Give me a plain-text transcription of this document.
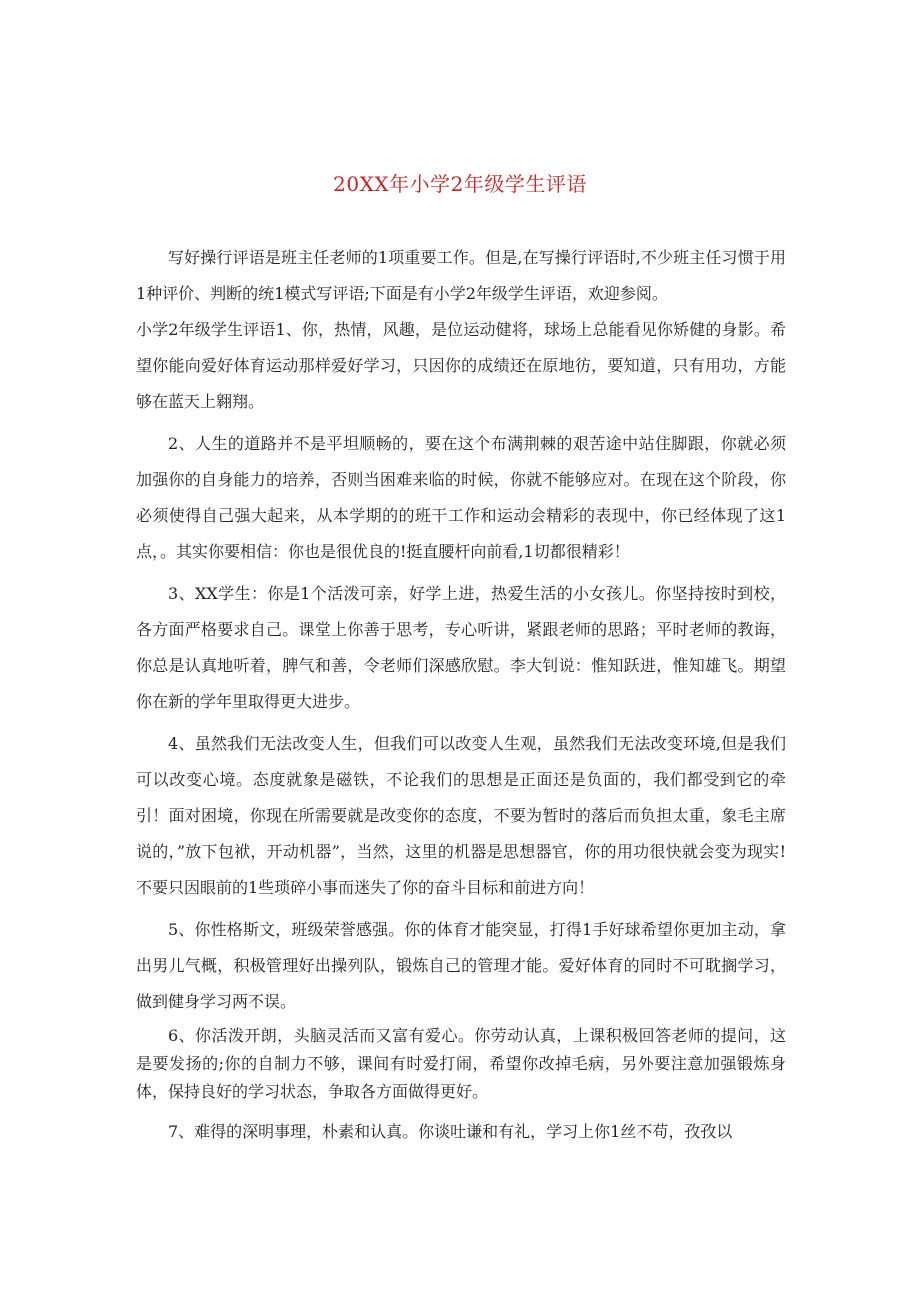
20XX年小学2年级学生评语

写好操行评语是班主任老师的1项重要工作。但是,在写操行评语时,不少班主任习惯于用1种评价、判断的统1模式写评语;下面是有小学2年级学生评语，欢迎参阅。

小学2年级学生评语1、你，热情，风趣，是位运动健将，球场上总能看见你矫健的身影。希望你能向爱好体育运动那样爱好学习，只因你的成绩还在原地彷，要知道，只有用功，方能够在蓝天上翱翔。

2、人生的道路并不是平坦顺畅的，要在这个布满荆棘的艰苦途中站住脚跟，你就必须加强你的自身能力的培养，否则当困难来临的时候，你就不能够应对。在现在这个阶段，你必须使得自己强大起来，从本学期的的班干工作和运动会精彩的表现中，你已经体现了这1点，。其实你要相信：你也是很优良的!挺直腰杆向前看,1切都很精彩！

3、XX学生：你是1个活泼可亲，好学上进，热爱生活的小女孩儿。你坚持按时到校，各方面严格要求自己。课堂上你善于思考，专心听讲，紧跟老师的思路；平时老师的教诲，你总是认真地听着，脾气和善，令老师们深感欣慰。李大钊说：惟知跃进，惟知雄飞。期望你在新的学年里取得更大进步。

4、虽然我们无法改变人生，但我们可以改变人生观，虽然我们无法改变环境,但是我们可以改变心境。态度就象是磁铁，不论我们的思想是正面还是负面的，我们都受到它的牵引！面对困境，你现在所需要就是改变你的态度，不要为暂时的落后而负担太重，象毛主席说的，”放下包袱，开动机器”，当然，这里的机器是思想器官，你的用功很快就会变为现实!不要只因眼前的1些琐碎小事而迷失了你的奋斗目标和前进方向！

5、你性格斯文，班级荣誉感强。你的体育才能突显，打得1手好球希望你更加主动，拿出男儿气概，积极管理好出操列队，锻炼自己的管理才能。爱好体育的同时不可耽搁学习，做到健身学习两不误。

6、你活泼开朗，头脑灵活而又富有爱心。你劳动认真，上课积极回答老师的提问，这是要发扬的;你的自制力不够，课间有时爱打闹，希望你改掉毛病，另外要注意加强锻炼身体，保持良好的学习状态，争取各方面做得更好。

7、难得的深明事理，朴素和认真。你谈吐谦和有礼，学习上你1丝不苟，孜孜以
